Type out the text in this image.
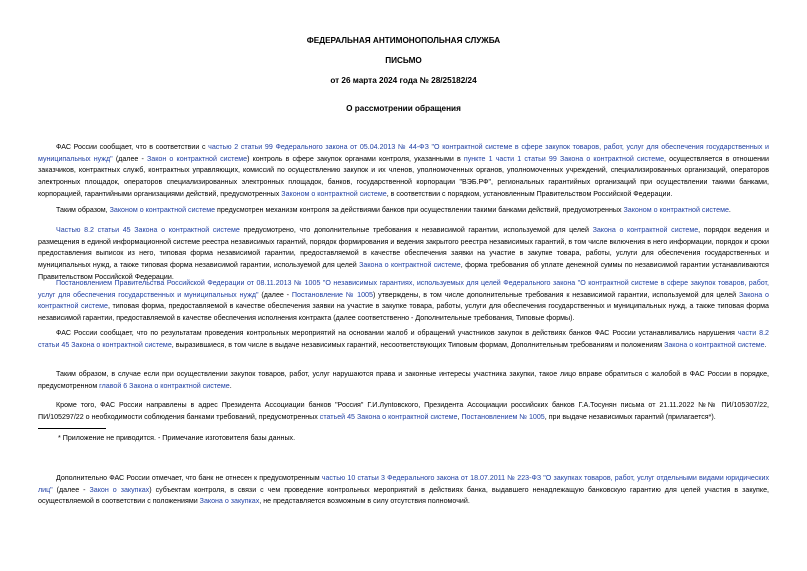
ФЕДЕРАЛЬНАЯ АНТИМОНОПОЛЬНАЯ СЛУЖБА
ПИСЬМО
от 26 марта 2024 года № 28/25182/24
О рассмотрении обращения
ФАС России сообщает, что в соответствии с частью 2 статьи 99 Федерального закона от 05.04.2013 № 44-ФЗ "О контрактной системе в сфере закупок товаров, работ, услуг для обеспечения государственных и муниципальных нужд" (далее - Закон о контрактной системе) контроль в сфере закупок органами контроля, указанными в пункте 1 части 1 статьи 99 Закона о контрактной системе, осуществляется в отношении заказчиков, контрактных служб, контрактных управляющих, комиссий по осуществлению закупок и их членов, уполномоченных органов, уполномоченных учреждений, специализированных организаций, операторов электронных площадок, операторов специализированных электронных площадок, банков, государственной корпорации "ВЭБ.РФ", региональных гарантийных организаций при осуществлении такими банками, корпорацией, гарантийными организациями действий, предусмотренных Законом о контрактной системе, в соответствии с порядком, установленным Правительством Российской Федерации.
Таким образом, Законом о контрактной системе предусмотрен механизм контроля за действиями банков при осуществлении такими банками действий, предусмотренных Законом о контрактной системе.
Частью 8.2 статьи 45 Закона о контрактной системе предусмотрено, что дополнительные требования к независимой гарантии, используемой для целей Закона о контрактной системе, порядок ведения и размещения в единой информационной системе реестра независимых гарантий, порядок формирования и ведения закрытого реестра независимых гарантий, в том числе включения в него информации, порядок и сроки предоставления выписок из него, типовая форма независимой гарантии, предоставляемой в качестве обеспечения заявки на участие в закупке товара, работы, услуги для обеспечения государственных и муниципальных нужд, а также типовая форма независимой гарантии, используемой для целей Закона о контрактной системе, форма требования об уплате денежной суммы по независимой гарантии устанавливаются Правительством Российской Федерации.
Постановлением Правительства Российской Федерации от 08.11.2013 № 1005 "О независимых гарантиях, используемых для целей Федерального закона "О контрактной системе в сфере закупок товаров, работ, услуг для обеспечения государственных и муниципальных нужд" (далее - Постановление № 1005) утверждены, в том числе дополнительные требования к независимой гарантии, используемой для целей Закона о контрактной системе, типовая форма, предоставляемой в качестве обеспечения заявки на участие в закупке товара, работы, услуги для обеспечения государственных и муниципальных нужд, а также типовая форма независимой гарантии, предоставляемой в качестве обеспечения исполнения контракта (далее соответственно - Дополнительные требования, Типовые формы).
ФАС России сообщает, что по результатам проведения контрольных мероприятий на основании жалоб и обращений участников закупок в действиях банков ФАС России устанавливались нарушения части 8.2 статьи 45 Закона о контрактной системе, выразившиеся, в том числе в выдаче независимых гарантий, несоответствующих Типовым формам, Дополнительным требованиям и положениям Закона о контрактной системе.
Таким образом, в случае если при осуществлении закупок товаров, работ, услуг нарушаются права и законные интересы участника закупки, такое лицо вправе обратиться с жалобой в ФАС России в порядке, предусмотренном главой 6 Закона о контрактной системе.
Кроме того, ФАС России направлены в адрес Президента Ассоциации банков "Россия" Г.И.Луntовского, Президента Ассоциации российских банков Г.А.Тосунян письма от 21.11.2022 №№ ПИ/105307/22, ПИ/105297/22 о необходимости соблюдения банками требований, предусмотренных статьей 45 Закона о контрактной системе, Постановлением № 1005, при выдаче независимых гарантий (прилагается*).
* Приложение не приводится. - Примечание изготовителя базы данных.
Дополнительно ФАС России отмечает, что банк не отнесен к предусмотренным частью 10 статьи 3 Федерального закона от 18.07.2011 № 223-ФЗ "О закупках товаров, работ, услуг отдельными видами юридических лиц" (далее - Закон о закупках) субъектам контроля, в связи с чем проведение контрольных мероприятий в действиях банка, выдавшего ненадлежащую банковскую гарантию для целей участия в закупке, осуществляемой в соответствии с положениями Закона о закупках, не представляется возможным в силу отсутствия полномочий.
